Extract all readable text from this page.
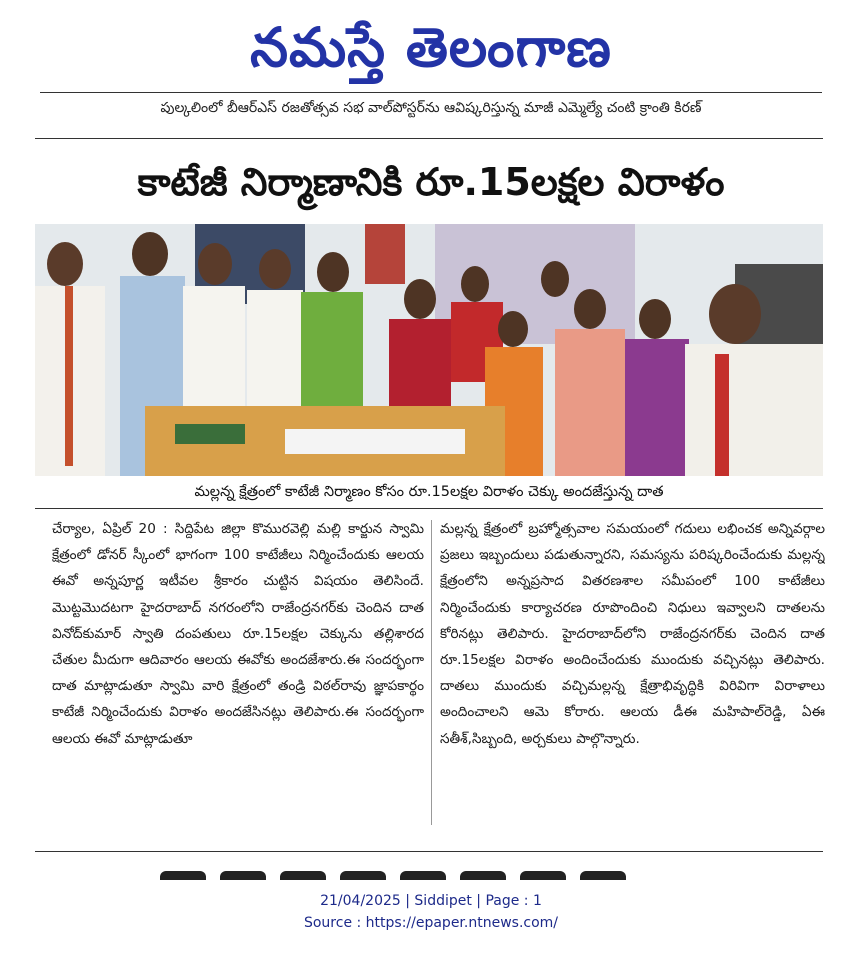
నమస్తే తెలంగాణ
పుల్కలింలో బీఆర్ఎస్ రజతోత్సవ సభ వాల్‌పోస్టర్‌ను ఆవిష్కరిస్తున్న మాజీ ఎమ్మెల్యే చంటి క్రాంతి కిరణ్
కాటేజీ నిర్మాణానికి రూ.15లక్షల విరాళం
మల్లన్న క్షేత్రంలో కాటేజీ నిర్మాణం కోసం రూ.15లక్షల విరాళం చెక్కు అందజేస్తున్న దాత
చేర్యాల, ఏప్రిల్ 20 : సిద్దిపేట జిల్లా కొమురవెల్లి మల్లి కార్జున స్వామి క్షేత్రంలో డోనర్ స్కీంలో భాగంగా 100 కాటేజీలు నిర్మించేందుకు ఆలయ ఈవో అన్నపూర్ణ ఇటీవల శ్రీకారం చుట్టిన విషయం తెలిసిందే. మొట్టమొదటగా హైదరాబాద్ నగరంలోని రాజేంద్రనగర్‌కు చెందిన దాత వినోద్‌కుమార్ స్వాతి దంపతులు రూ.15లక్షల చెక్కును తల్లిశారద చేతుల మీదుగా ఆదివారం ఆలయ ఈవోకు అందజేశారు.ఈ సందర్భంగా దాత మాట్లాడుతూ స్వామి వారి క్షేత్రంలో తండ్రి విఠల్‌రావు జ్ఞాపకార్థం కాటేజీ నిర్మించేందుకు విరాళం అందజేసినట్లు తెలిపారు.ఈ సందర్భంగా ఆలయ ఈవో మాట్లాడుతూ
మల్లన్న క్షేత్రంలో బ్రహ్మోత్సవాల సమయంలో గదులు లభించక అన్నివర్గాల ప్రజలు ఇబ్బందులు పడుతున్నారని, సమస్యను పరిష్కరించేందుకు మల్లన్న క్షేత్రంలోని అన్నప్రసాద వితరణశాల సమీపంలో 100 కాటేజీలు నిర్మించేందుకు కార్యాచరణ రూపొందించి నిధులు ఇవ్వాలని దాతలను కోరినట్లు తెలిపారు. హైదరాబాద్‌లోని రాజేంద్రనగర్‌కు చెందిన దాత రూ.15లక్షల విరాళం అందించేందుకు ముందుకు వచ్చినట్లు తెలిపారు. దాతలు ముందుకు వచ్చిమల్లన్న క్షేత్రాభివృద్ధికి విరివిగా విరాళాలు అందించాలని ఆమె కోరారు. ఆలయ డీఈ మహిపాల్‌రెడ్డి, ఏఈ సతీశ్,సిబ్బంది, అర్చకులు పాల్గొన్నారు.
21/04/2025 | Siddipet | Page : 1
Source : https://epaper.ntnews.com/
